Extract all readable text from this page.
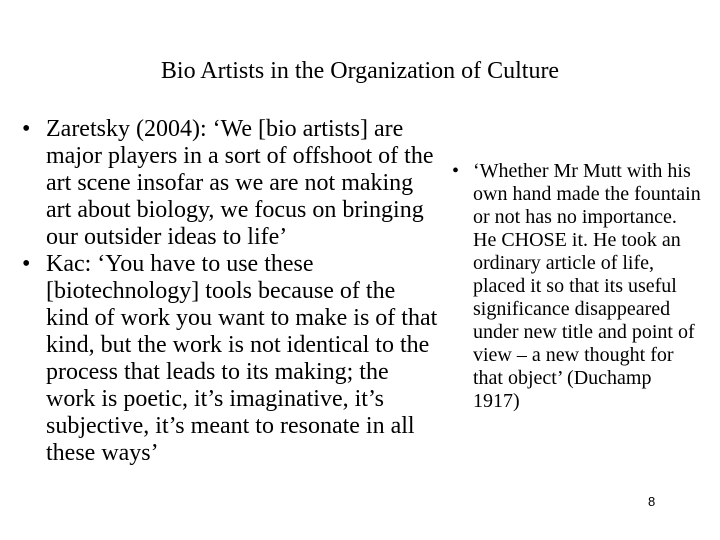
Bio Artists in the Organization of Culture
• Zaretsky (2004): ‘We [bio artists] are major players in a sort of offshoot of the art scene insofar as we are not making art about biology, we focus on bringing our outsider ideas to life’
• Kac: ‘You have to use these [biotechnology] tools because of the kind of work you want to make is of that kind, but the work is not identical to the process that leads to its making; the work is poetic, it’s imaginative, it’s subjective, it’s meant to resonate in all these ways’
• ‘Whether Mr Mutt with his own hand made the fountain or not has no importance. He CHOSE it. He took an ordinary article of life, placed it so that its useful significance disappeared under new title and point of view – a new thought for that object’ (Duchamp 1917)
8
